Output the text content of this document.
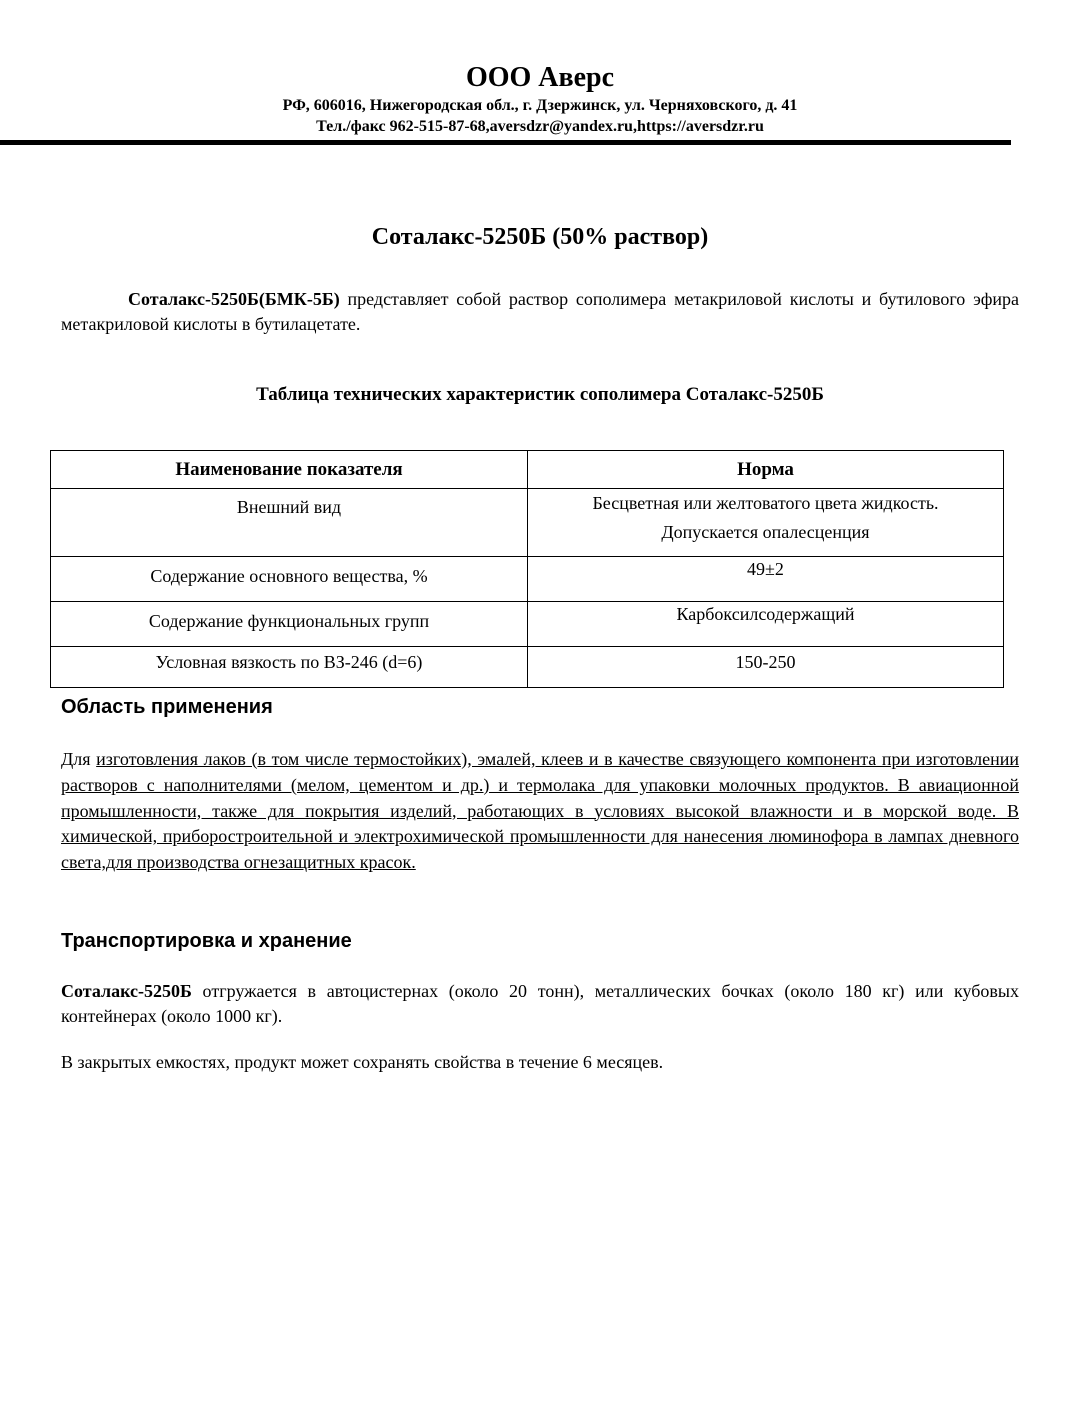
ООО Аверс
РФ, 606016, Нижегородская обл., г. Дзержинск, ул. Черняховского, д. 41
Тел./факс 962-515-87-68,aversdzr@yandex.ru,https://aversdzr.ru
Соталакс-5250Б (50% раствор)
Соталакс-5250Б(БМК-5Б) представляет собой раствор сополимера метакриловой кислоты и бутилового эфира метакриловой кислоты в бутилацетате.
Таблица технических характеристик сополимера Соталакс-5250Б
Наименование показателя	Норма
Внешний вид	Бесцветная или желтоватого цвета жидкость.
Допускается опалесценция

Содержание основного вещества, %	49±2
Содержание функциональных групп	Карбоксилсодержащий
Условная вязкость по ВЗ-246 (d=6)	150-250
Область применения
Для изготовления лаков (в том числе термостойких), эмалей, клеев и в качестве связующего компонента при изготовлении растворов с наполнителями (мелом, цементом и др.) и термолака для упаковки молочных продуктов. В авиационной промышленности, также для покрытия изделий, работающих в условиях высокой влажности и в морской воде. В химической, приборостроительной и электрохимической промышленности для нанесения люминофора в лампах дневного света,для производства огнезащитных красок.
Транспортировка и хранение
Соталакс-5250Б отгружается в автоцистернах (около 20 тонн), металлических бочках (около 180 кг) или кубовых контейнерах (около 1000 кг).
В закрытых емкостях, продукт может сохранять свойства в течение 6 месяцев.
